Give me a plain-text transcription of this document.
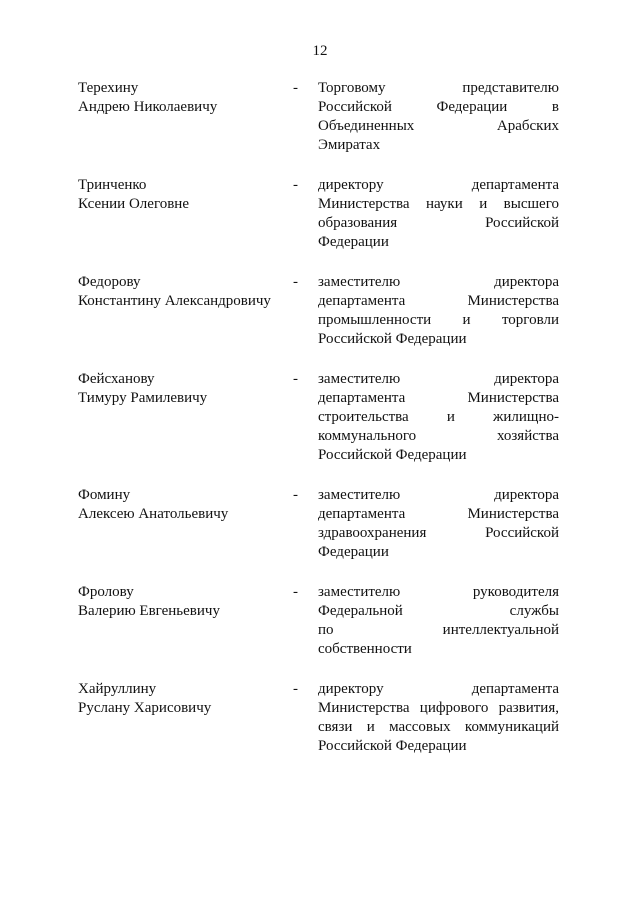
12
Терехину
Андрею Николаевичу
- Торговому представителю
Российской Федерации в
Объединенных Арабских
Эмиратах
Тринченко
Ксении Олеговне
- директору департамента
Министерства науки и высшего
образования Российской
Федерации
Федорову
Константину Александровичу
- заместителю директора
департамента Министерства
промышленности и торговли
Российской Федерации
Фейсханову
Тимуру Рамилевичу
- заместителю директора
департамента Министерства
строительства и жилищно-
коммунального хозяйства
Российской Федерации
Фомину
Алексею Анатольевичу
- заместителю директора
департамента Министерства
здравоохранения Российской
Федерации
Фролову
Валерию Евгеньевичу
- заместителю руководителя
Федеральной службы
по интеллектуальной
собственности
Хайруллину
Руслану Харисовичу
- директору департамента
Министерства цифрового развития,
связи и массовых коммуникаций
Российской Федерации
